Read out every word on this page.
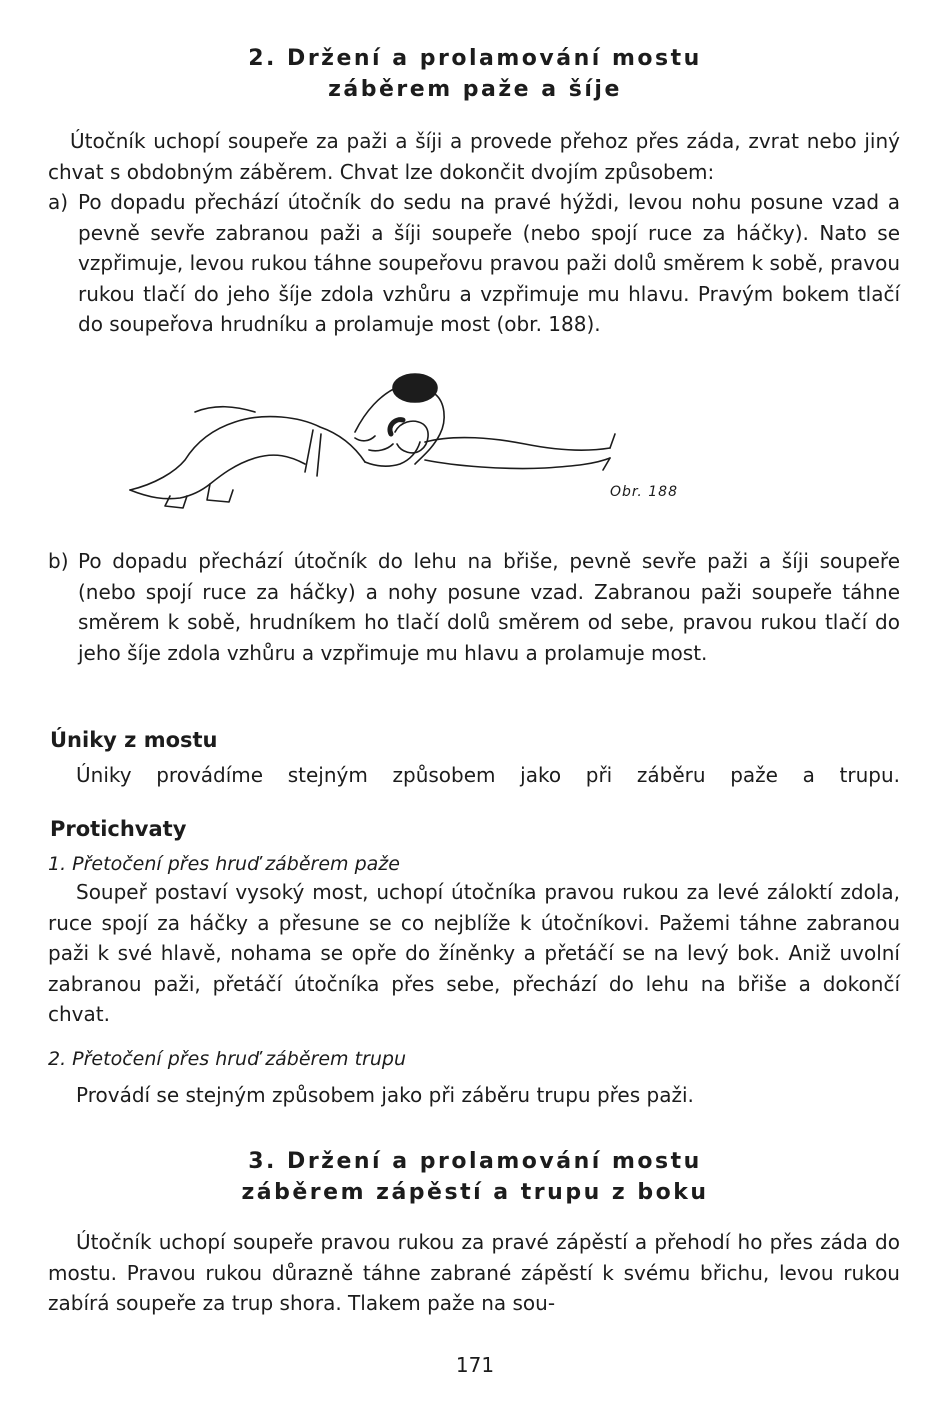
2. Držení a prolamování mostu
záběrem paže a šíje

Útočník uchopí soupeře za paži a šíji a provede přehoz přes záda, zvrat nebo jiný chvat s obdobným záběrem. Chvat lze dokončit dvojím způsobem:

a) Po dopadu přechází útočník do sedu na pravé hýždi, levou nohu posune vzad a pevně sevře zabranou paži a šíji soupeře (nebo spojí ruce za háčky). Nato se vzpřimuje, levou rukou táhne soupeřovu pravou paži dolů směrem k sobě, pravou rukou tlačí do jeho šíje zdola vzhůru a vzpřimuje mu hlavu. Pravým bokem tlačí do soupeřova hrudníku a prolamuje most (obr. 188).

Obr. 188

b) Po dopadu přechází útočník do lehu na břiše, pevně sevře paži a šíji soupeře (nebo spojí ruce za háčky) a nohy posune vzad. Zabranou paži soupeře táhne směrem k sobě, hrudníkem ho tlačí dolů směrem od sebe, pravou rukou tlačí do jeho šíje zdola vzhůru a vzpřimuje mu hlavu a prolamuje most.
Úniky z mostu

Úniky provádíme stejným způsobem jako při záběru paže a trupu.

Protichvaty

1. Přetočení přes hruď záběrem paže

Soupeř postaví vysoký most, uchopí útočníka pravou rukou za levé záloktí zdola, ruce spojí za háčky a přesune se co nejblíže k útočníkovi. Pažemi táhne zabranou paži k své hlavě, nohama se opře do žíněnky a přetáčí se na levý bok. Aniž uvolní zabranou paži, přetáčí útočníka přes sebe, přechází do lehu na břiše a dokončí chvat.

2. Přetočení přes hruď záběrem trupu

Provádí se stejným způsobem jako při záběru trupu přes paži.

3. Držení a prolamování mostu
záběrem zápěstí a trupu z boku

Útočník uchopí soupeře pravou rukou za pravé zápěstí a přehodí ho přes záda do mostu. Pravou rukou důrazně táhne zabrané zápěstí k svému břichu, levou rukou zabírá soupeře za trup shora. Tlakem paže na sou-

171
